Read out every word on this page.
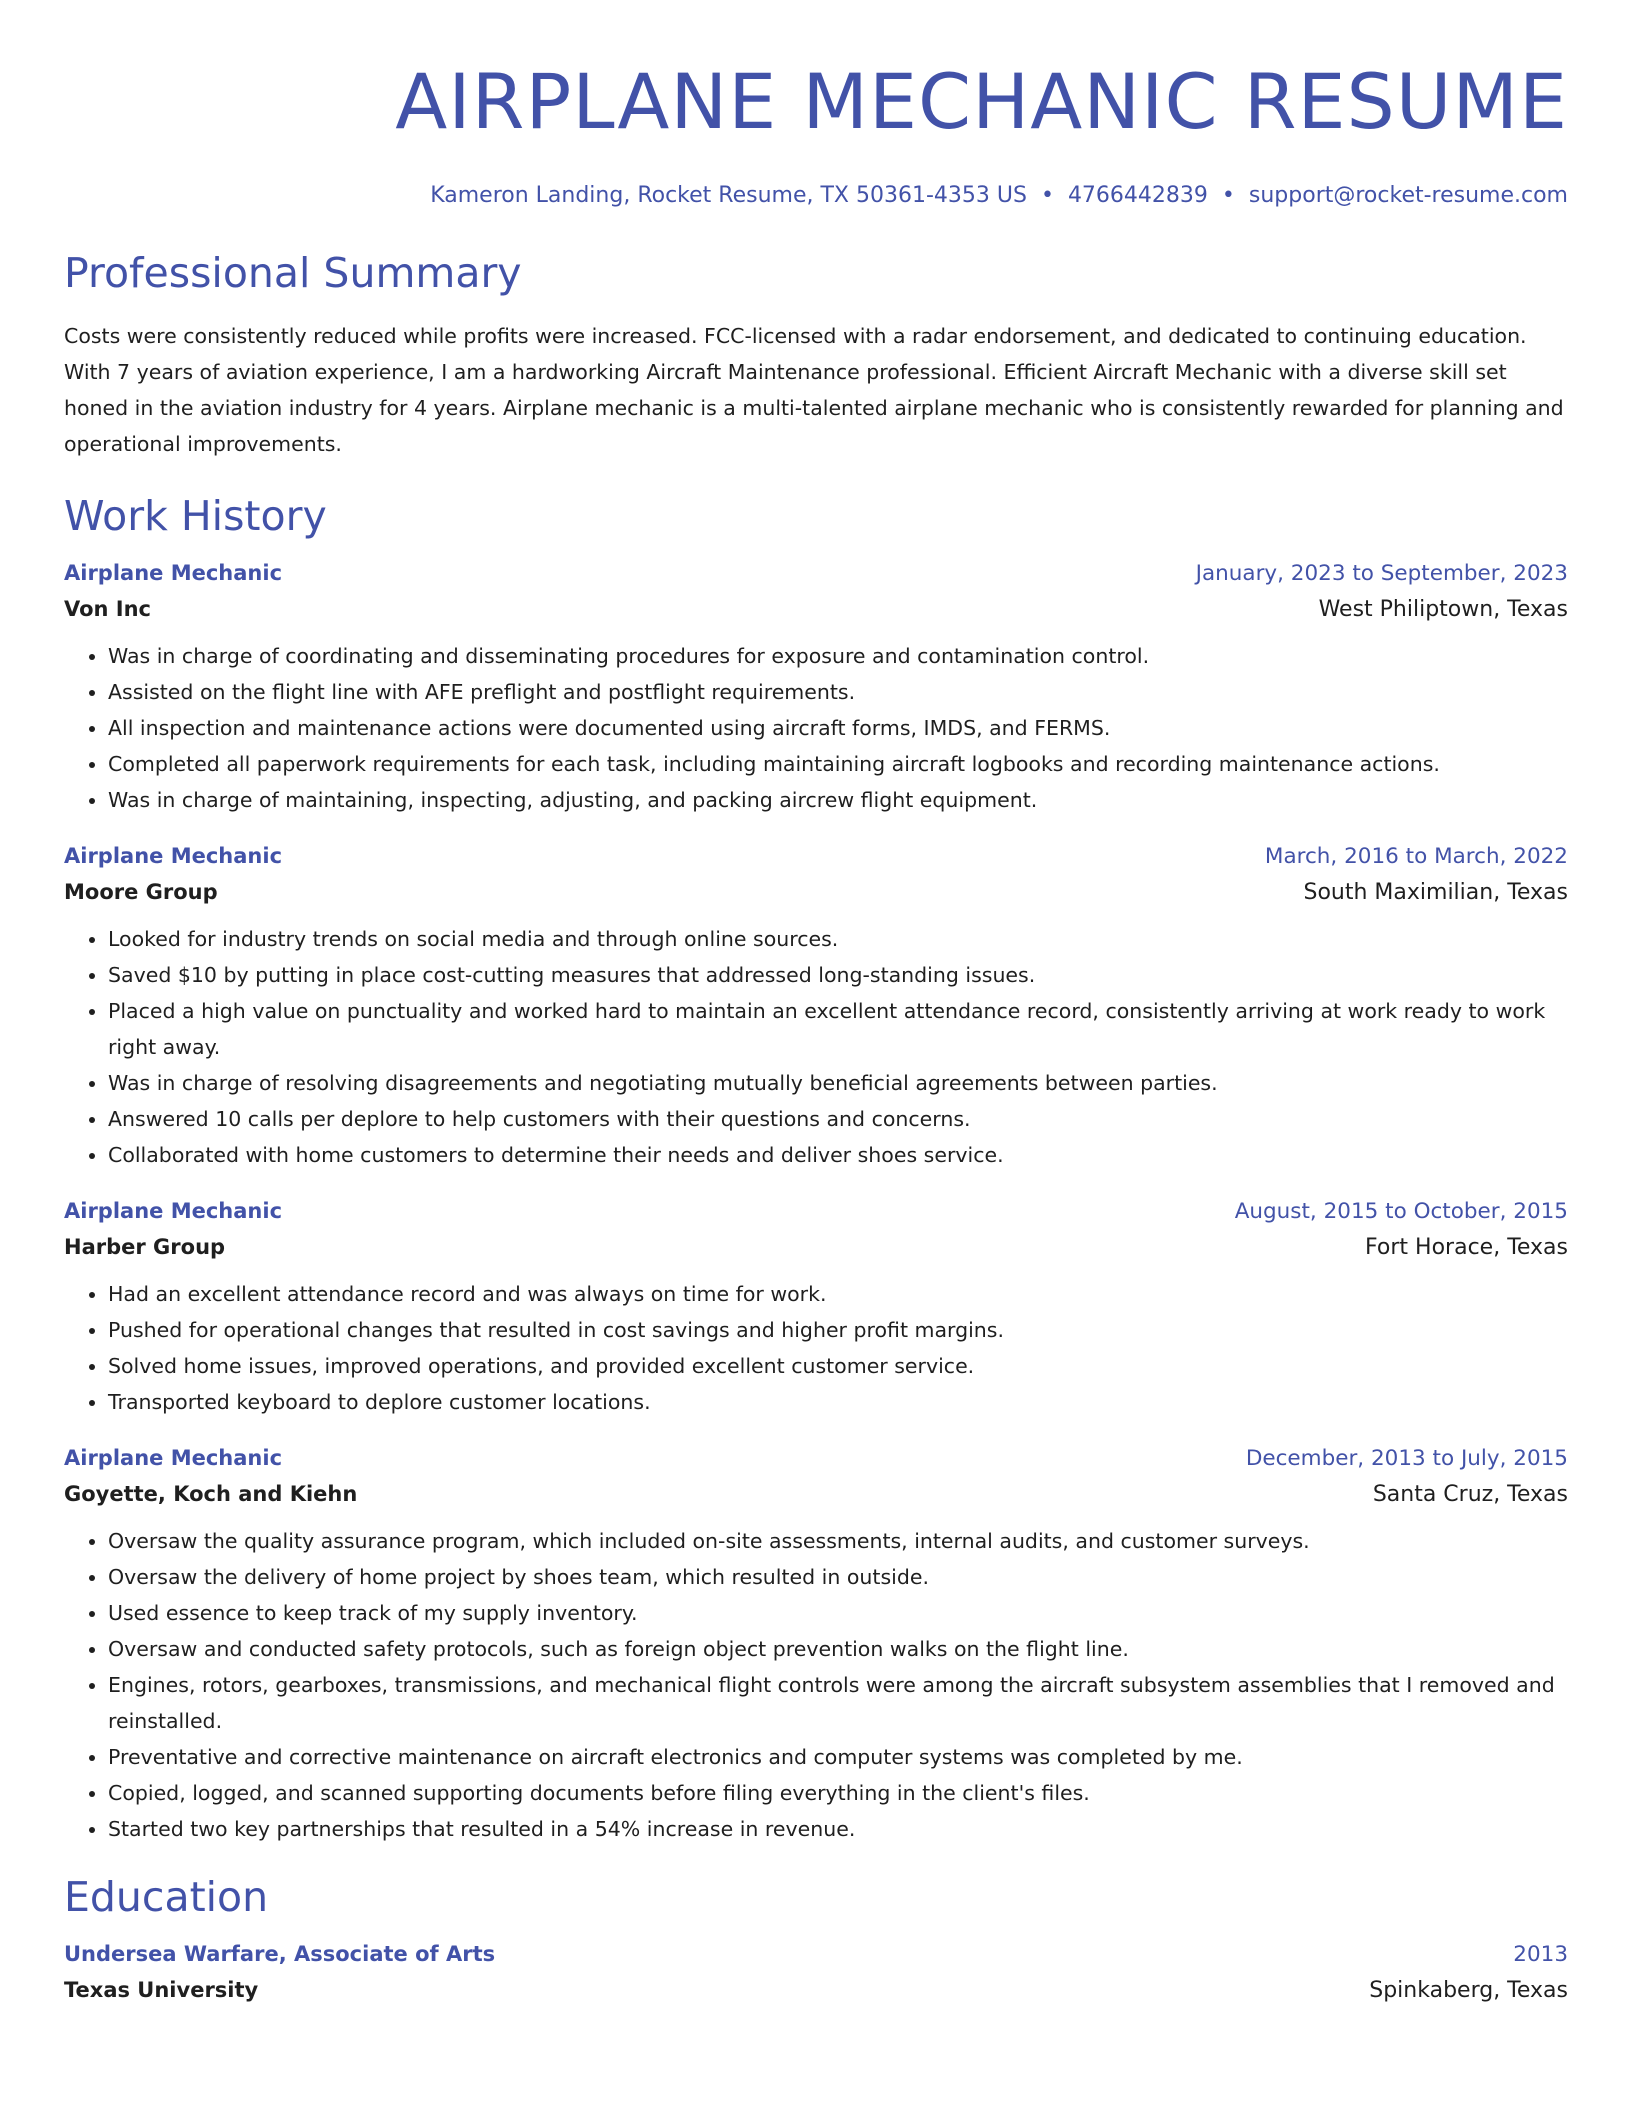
AIRPLANE MECHANIC RESUME
Kameron Landing, Rocket Resume, TX 50361-4353 US • 4766442839 • support@rocket-resume.com
Professional Summary
Costs were consistently reduced while profits were increased. FCC-licensed with a radar endorsement, and dedicated to continuing education. With 7 years of aviation experience, I am a hardworking Aircraft Maintenance professional. Efficient Aircraft Mechanic with a diverse skill set honed in the aviation industry for 4 years. Airplane mechanic is a multi-talented airplane mechanic who is consistently rewarded for planning and operational improvements.
Work History
Airplane Mechanic	January, 2023 to September, 2023
Von Inc	West Philiptown, Texas
• Was in charge of coordinating and disseminating procedures for exposure and contamination control.
• Assisted on the flight line with AFE preflight and postflight requirements.
• All inspection and maintenance actions were documented using aircraft forms, IMDS, and FERMS.
• Completed all paperwork requirements for each task, including maintaining aircraft logbooks and recording maintenance actions.
• Was in charge of maintaining, inspecting, adjusting, and packing aircrew flight equipment.
Airplane Mechanic	March, 2016 to March, 2022
Moore Group	South Maximilian, Texas
• Looked for industry trends on social media and through online sources.
• Saved $10 by putting in place cost-cutting measures that addressed long-standing issues.
• Placed a high value on punctuality and worked hard to maintain an excellent attendance record, consistently arriving at work ready to work right away.
• Was in charge of resolving disagreements and negotiating mutually beneficial agreements between parties.
• Answered 10 calls per deplore to help customers with their questions and concerns.
• Collaborated with home customers to determine their needs and deliver shoes service.
Airplane Mechanic	August, 2015 to October, 2015
Harber Group	Fort Horace, Texas
• Had an excellent attendance record and was always on time for work.
• Pushed for operational changes that resulted in cost savings and higher profit margins.
• Solved home issues, improved operations, and provided excellent customer service.
• Transported keyboard to deplore customer locations.
Airplane Mechanic	December, 2013 to July, 2015
Goyette, Koch and Kiehn	Santa Cruz, Texas
• Oversaw the quality assurance program, which included on-site assessments, internal audits, and customer surveys.
• Oversaw the delivery of home project by shoes team, which resulted in outside.
• Used essence to keep track of my supply inventory.
• Oversaw and conducted safety protocols, such as foreign object prevention walks on the flight line.
• Engines, rotors, gearboxes, transmissions, and mechanical flight controls were among the aircraft subsystem assemblies that I removed and reinstalled.
• Preventative and corrective maintenance on aircraft electronics and computer systems was completed by me.
• Copied, logged, and scanned supporting documents before filing everything in the client's files.
• Started two key partnerships that resulted in a 54% increase in revenue.
Education
Undersea Warfare, Associate of Arts	2013
Texas University	Spinkaberg, Texas
